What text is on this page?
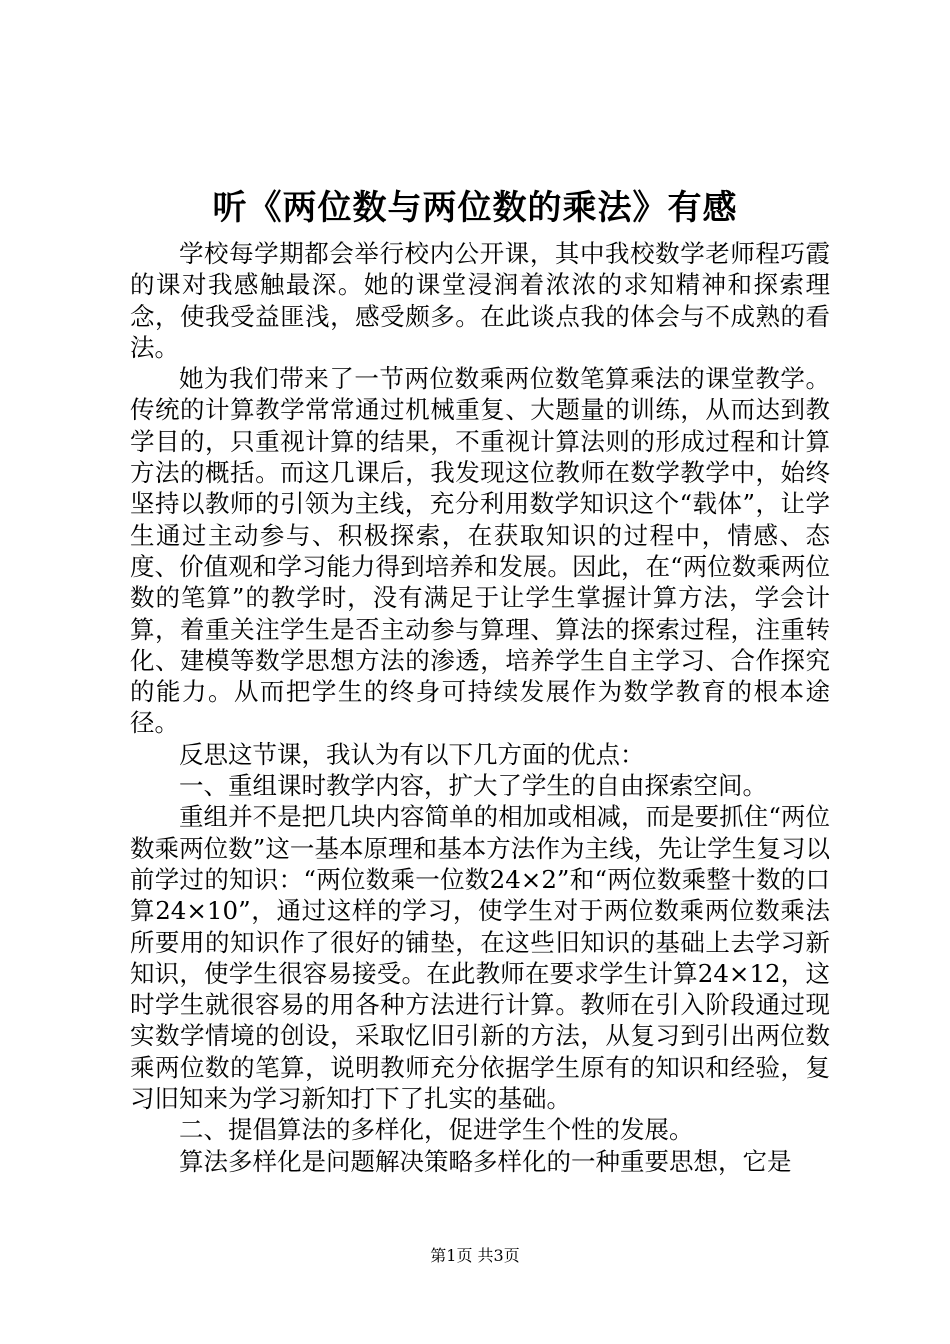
听《两位数与两位数的乘法》有感

学校每学期都会举行校内公开课，其中我校数学老师程巧霞的课对我感触最深。她的课堂浸润着浓浓的求知精神和探索理念，使我受益匪浅，感受颇多。在此谈点我的体会与不成熟的看法。

她为我们带来了一节两位数乘两位数笔算乘法的课堂教学。传统的计算教学常常通过机械重复、大题量的训练，从而达到教学目的，只重视计算的结果，不重视计算法则的形成过程和计算方法的概括。而这几课后，我发现这位教师在数学教学中，始终坚持以教师的引领为主线，充分利用数学知识这个“载体”，让学生通过主动参与、积极探索，在获取知识的过程中，情感、态度、价值观和学习能力得到培养和发展。因此，在“两位数乘两位数的笔算”的教学时，没有满足于让学生掌握计算方法，学会计算，着重关注学生是否主动参与算理、算法的探索过程，注重转化、建模等数学思想方法的渗透，培养学生自主学习、合作探究的能力。从而把学生的终身可持续发展作为数学教育的根本途径。

反思这节课，我认为有以下几方面的优点：

一、重组课时教学内容，扩大了学生的自由探索空间。

重组并不是把几块内容简单的相加或相减，而是要抓住“两位数乘两位数”这一基本原理和基本方法作为主线，先让学生复习以前学过的知识：“两位数乘一位数24×2”和“两位数乘整十数的口算24×10”，通过这样的学习，使学生对于两位数乘两位数乘法所要用的知识作了很好的铺垫，在这些旧知识的基础上去学习新知识，使学生很容易接受。在此教师在要求学生计算24×12，这时学生就很容易的用各种方法进行计算。教师在引入阶段通过现实数学情境的创设，采取忆旧引新的方法，从复习到引出两位数乘两位数的笔算，说明教师充分依据学生原有的知识和经验，复习旧知来为学习新知打下了扎实的基础。

二、提倡算法的多样化，促进学生个性的发展。

算法多样化是问题解决策略多样化的一种重要思想，它是

第1页 共3页
